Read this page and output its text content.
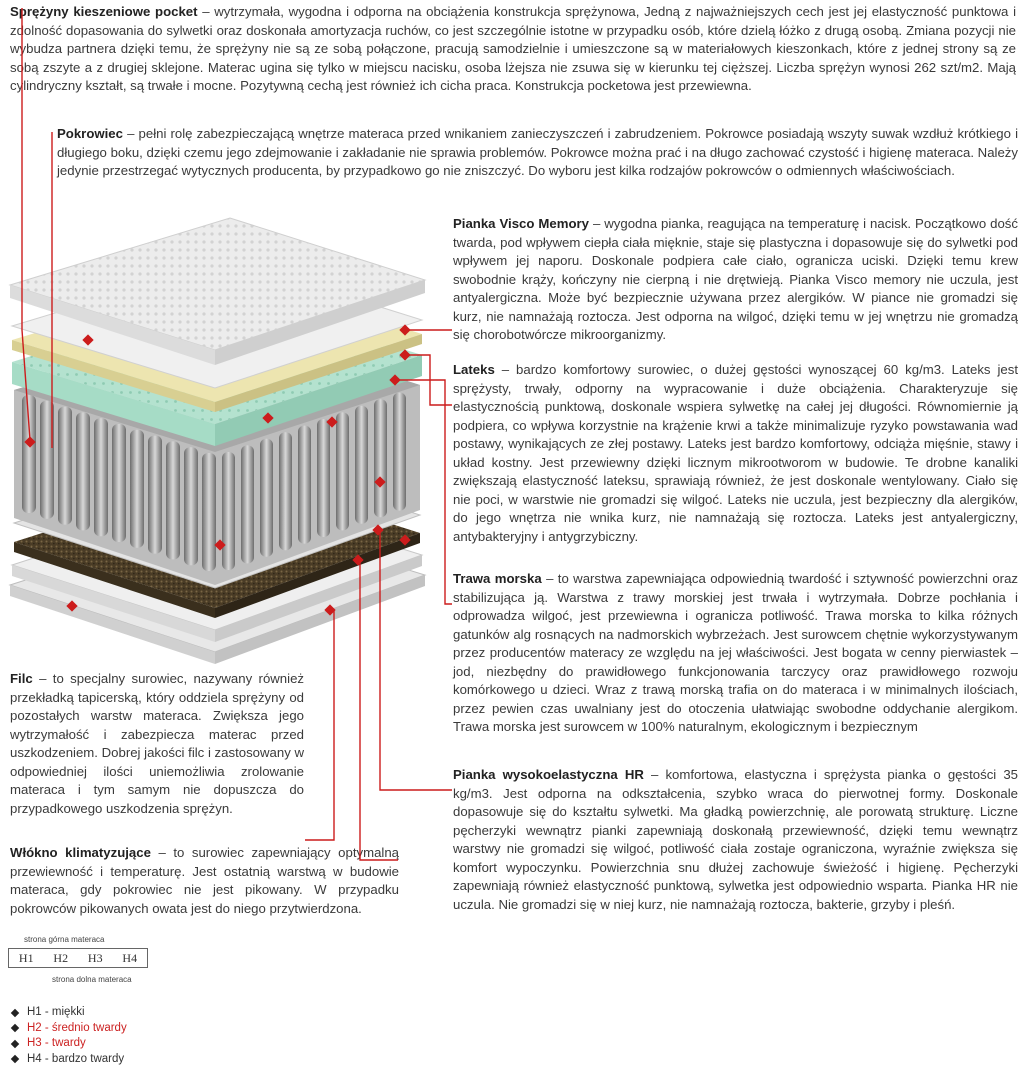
Sprężyny kieszeniowe pocket – wytrzymała, wygodna i odporna na obciążenia konstrukcja sprężynowa, Jedną z najważniejszych cech jest jej elastyczność punktowa i zdolność dopasowania do sylwetki oraz doskonała amortyzacja ruchów, co jest szczególnie istotne w przypadku osób, które dzielą łóżko z drugą osobą. Zmiana pozycji nie wybudza partnera dzięki temu, że sprężyny nie są ze sobą połączone, pracują samodzielnie i umieszczone są w materiałowych kieszonkach, które z jednej strony są ze sobą zszyte a z drugiej sklejone. Materac ugina się tylko w miejscu nacisku, osoba lżejsza nie zsuwa się w kierunku tej cięższej. Liczba sprężyn wynosi 262 szt/m2. Mają cylindryczny kształt, są trwałe i mocne. Pozytywną cechą jest również ich cicha praca. Konstrukcja pocketowa jest przewiewna.
Pokrowiec – pełni rolę zabezpieczającą wnętrze materaca przed wnikaniem zanieczyszczeń i zabrudzeniem. Pokrowce posiadają wszyty suwak wzdłuż krótkiego i długiego boku, dzięki czemu jego zdejmowanie i zakładanie nie sprawia problemów. Pokrowce można prać i na długo zachować czystość i higienę materaca. Należy jedynie przestrzegać wytycznych producenta, by przypadkowo go nie zniszczyć. Do wyboru jest kilka rodzajów pokrowców o odmiennych właściwościach.
Pianka Visco Memory – wygodna pianka, reagująca na temperaturę i nacisk. Początkowo dość twarda, pod wpływem ciepła ciała mięknie, staje się plastyczna i dopasowuje się do sylwetki pod wpływem jej naporu. Doskonale podpiera całe ciało, ogranicza uciski. Dzięki temu krew swobodnie krąży, kończyny nie cierpną i nie drętwieją. Pianka Visco memory nie uczula, jest antyalergiczna. Może być bezpiecznie używana przez alergików. W piance nie gromadzi się kurz, nie namnażają roztocza. Jest odporna na wilgoć, dzięki temu w jej wnętrzu nie gromadzą się chorobotwórcze mikroorganizmy.
Lateks – bardzo komfortowy surowiec, o dużej gęstości wynoszącej 60 kg/m3. Lateks jest sprężysty, trwały, odporny na wypracowanie i duże obciążenia. Charakteryzuje się elastycznością punktową, doskonale wspiera sylwetkę na całej jej długości. Równomiernie ją podpiera, co wpływa korzystnie na krążenie krwi a także minimalizuje ryzyko powstawania wad postawy, wynikających ze złej postawy. Lateks jest bardzo komfortowy, odciąża mięśnie, stawy i układ kostny. Jest przewiewny dzięki licznym mikrootworom w budowie. Te drobne kanaliki zwiększają elastyczność lateksu, sprawiają również, że jest doskonale wentylowany. Ciało się nie poci, w warstwie nie gromadzi się wilgoć. Lateks nie uczula, jest bezpieczny dla alergików, do jego wnętrza nie wnika kurz, nie namnażają się roztocza. Lateks jest antyalergiczny, antybakteryjny i antygrzybiczny.
Trawa morska – to warstwa zapewniająca odpowiednią twardość i sztywność powierzchni oraz stabilizująca ją. Warstwa z trawy morskiej jest trwała i wytrzymała. Dobrze pochłania i odprowadza wilgoć, jest przewiewna i ogranicza potliwość. Trawa morska to kilka różnych gatunków alg rosnących na nadmorskich wybrzeżach. Jest surowcem chętnie wykorzystywanym przez producentów materacy ze względu na jej właściwości. Jest bogata w cenny pierwiastek – jod, niezbędny do prawidłowego funkcjonowania tarczycy oraz prawidłowego rozwoju komórkowego u dzieci. Wraz z trawą morską trafia on do materaca i w minimalnych ilościach, przez pewien czas uwalniany jest do otoczenia ułatwiając swobodne oddychanie alergikom. Trawa morska jest surowcem w 100% naturalnym, ekologicznym i bezpiecznym
Pianka wysokoelastyczna HR – komfortowa, elastyczna i sprężysta pianka o gęstości 35 kg/m3. Jest odporna na odkształcenia, szybko wraca do pierwotnej formy. Doskonale dopasowuje się do kształtu sylwetki. Ma gładką powierzchnię, ale porowatą strukturę. Liczne pęcherzyki wewnątrz pianki zapewniają doskonałą przewiewność, dzięki temu wewnątrz warstwy nie gromadzi się wilgoć, potliwość ciała zostaje ograniczona, wyraźnie zwiększa się komfort wypoczynku. Powierzchnia snu dłużej zachowuje świeżość i higienę. Pęcherzyki zapewniają również elastyczność punktową, sylwetka jest odpowiednio wsparta. Pianka HR nie uczula. Nie gromadzi się w niej kurz, nie namnażają roztocza, bakterie, grzyby i pleśń.
Filc – to specjalny surowiec, nazywany również przekładką tapicerską, który oddziela sprężyny od pozostałych warstw materaca. Zwiększa jego wytrzymałość i zabezpiecza materac przed uszkodzeniem. Dobrej jakości filc i zastosowany w odpowiedniej ilości uniemożliwia zrolowanie materaca i tym samym nie dopuszcza do przypadkowego uszkodzenia sprężyn.
Włókno klimatyzujące – to surowiec zapewniający optymalną przewiewność i temperaturę. Jest ostatnią warstwą w budowie materaca, gdy pokrowiec nie jest pikowany. W przypadku pokrowców pikowanych owata jest do niego przytwierdzona.
strona górna materaca
H1	H2	H3	H4
strona dolna materaca
H1 - miękki
H2 - średnio twardy
H3 - twardy
H4 - bardzo twardy
